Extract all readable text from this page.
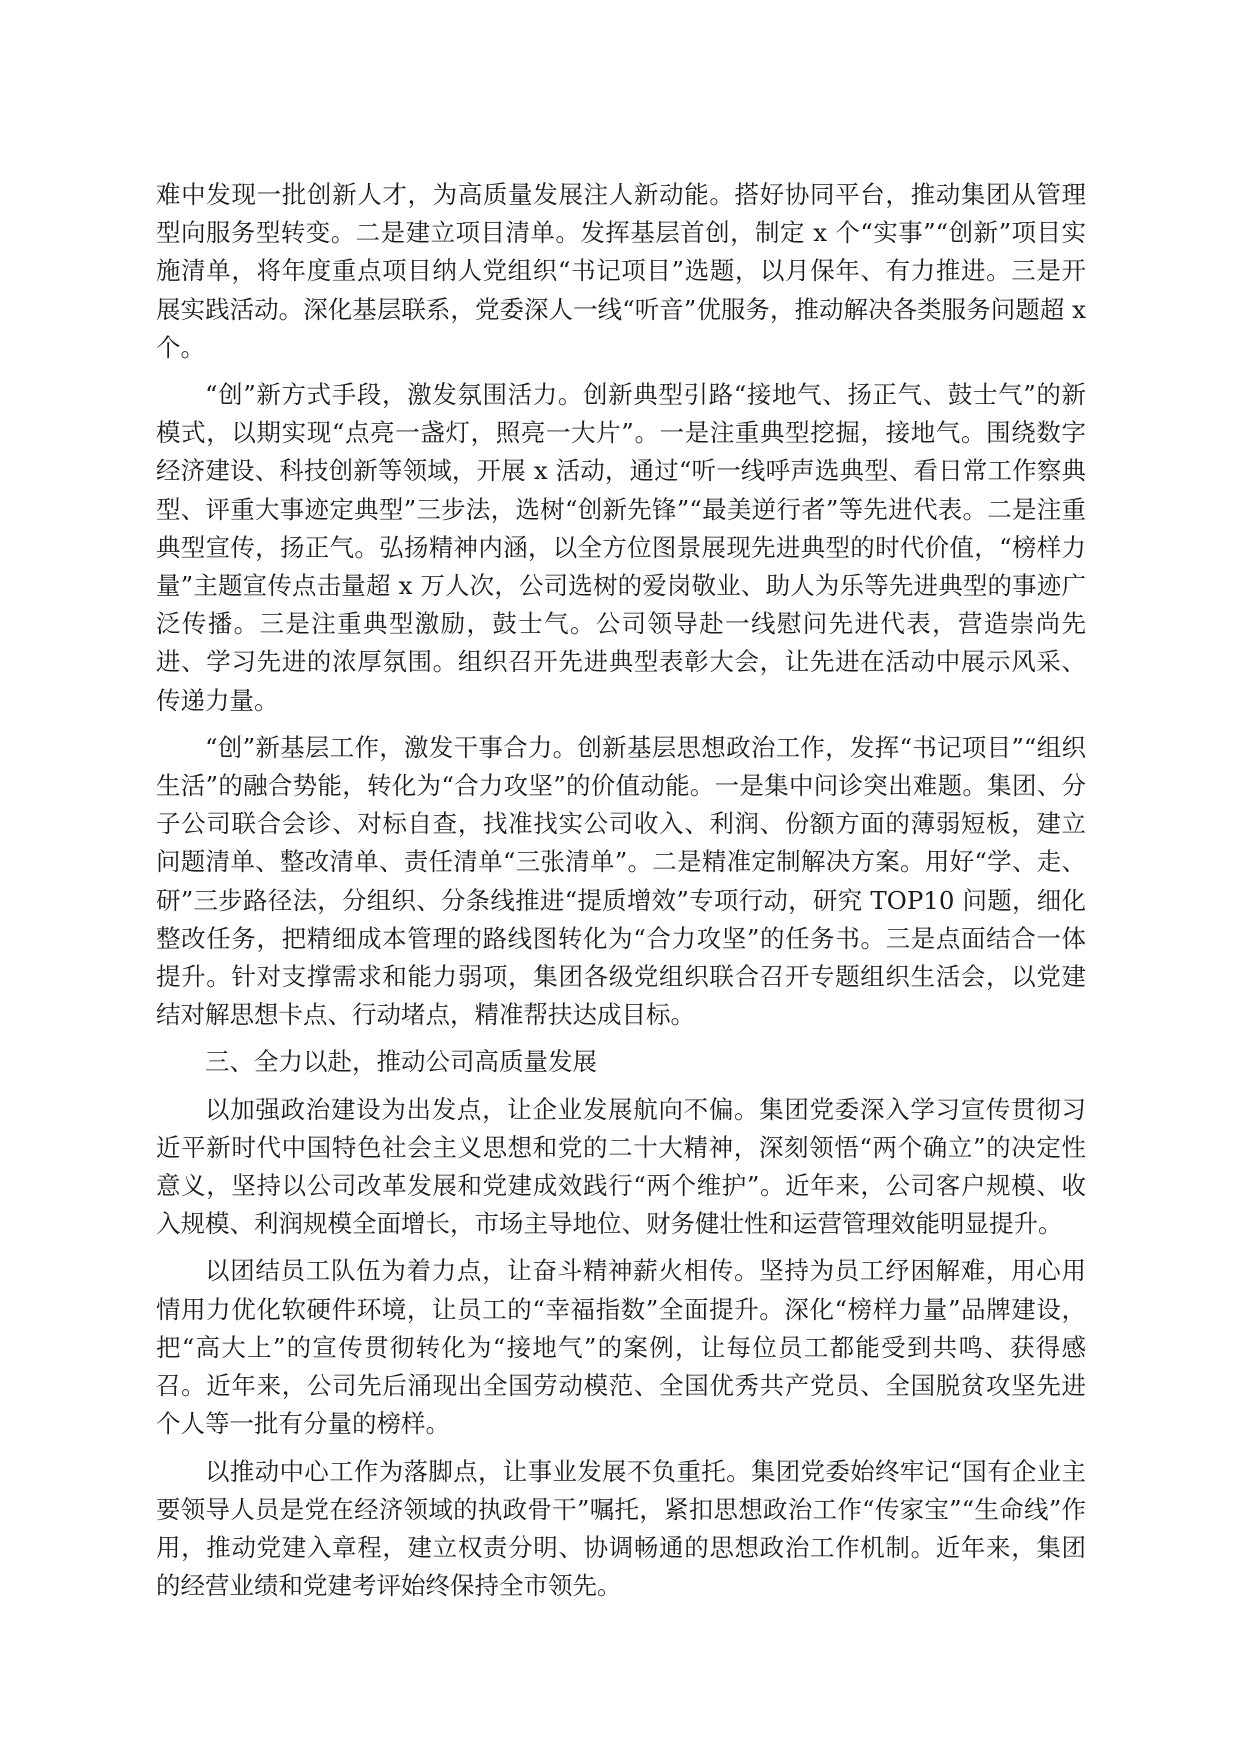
难中发现一批创新人才，为高质量发展注人新动能。搭好协同平台，推动集团从管理型向服务型转变。二是建立项目清单。发挥基层首创，制定 x 个“实事”“创新”项目实施清单，将年度重点项目纳人党组织“书记项目”选题，以月保年、有力推进。三是开展实践活动。深化基层联系，党委深人一线“听音”优服务，推动解决各类服务问题超 x 个。

“创”新方式手段，激发氛围活力。创新典型引路“接地气、扬正气、鼓士气”的新模式，以期实现“点亮一盏灯，照亮一大片”。一是注重典型挖掘，接地气。围绕数字经济建设、科技创新等领域，开展 x 活动，通过“听一线呼声选典型、看日常工作察典型、评重大事迹定典型”三步法，选树“创新先锋”“最美逆行者”等先进代表。二是注重典型宣传，扬正气。弘扬精神内涵，以全方位图景展现先进典型的时代价值，“榜样力量”主题宣传点击量超 x 万人次，公司选树的爱岗敬业、助人为乐等先进典型的事迹广泛传播。三是注重典型激励，鼓士气。公司领导赴一线慰问先进代表，营造崇尚先进、学习先进的浓厚氛围。组织召开先进典型表彰大会，让先进在活动中展示风采、传递力量。

“创”新基层工作，激发干事合力。创新基层思想政治工作，发挥“书记项目”“组织生活”的融合势能，转化为“合力攻坚”的价值动能。一是集中问诊突出难题。集团、分子公司联合会诊、对标自查，找准找实公司收入、利润、份额方面的薄弱短板，建立问题清单、整改清单、责任清单“三张清单”。二是精准定制解决方案。用好“学、走、研”三步路径法，分组织、分条线推进“提质增效”专项行动，研究 TOP10 问题，细化整改任务，把精细成本管理的路线图转化为“合力攻坚”的任务书。三是点面结合一体提升。针对支撑需求和能力弱项，集团各级党组织联合召开专题组织生活会，以党建结对解思想卡点、行动堵点，精准帮扶达成目标。

三、全力以赴，推动公司高质量发展

以加强政治建设为出发点，让企业发展航向不偏。集团党委深入学习宣传贯彻习近平新时代中国特色社会主义思想和党的二十大精神，深刻领悟“两个确立”的决定性意义，坚持以公司改革发展和党建成效践行“两个维护”。近年来，公司客户规模、收入规模、利润规模全面增长，市场主导地位、财务健壮性和运营管理效能明显提升。

以团结员工队伍为着力点，让奋斗精神薪火相传。坚持为员工纾困解难，用心用情用力优化软硬件环境，让员工的“幸福指数”全面提升。深化“榜样力量”品牌建设，把“高大上”的宣传贯彻转化为“接地气”的案例，让每位员工都能受到共鸣、获得感召。近年来，公司先后涌现出全国劳动模范、全国优秀共产党员、全国脱贫攻坚先进个人等一批有分量的榜样。

以推动中心工作为落脚点，让事业发展不负重托。集团党委始终牢记“国有企业主要领导人员是党在经济领域的执政骨干”嘱托，紧扣思想政治工作“传家宝”“生命线”作用，推动党建入章程，建立权责分明、协调畅通的思想政治工作机制。近年来，集团的经营业绩和党建考评始终保持全市领先。
